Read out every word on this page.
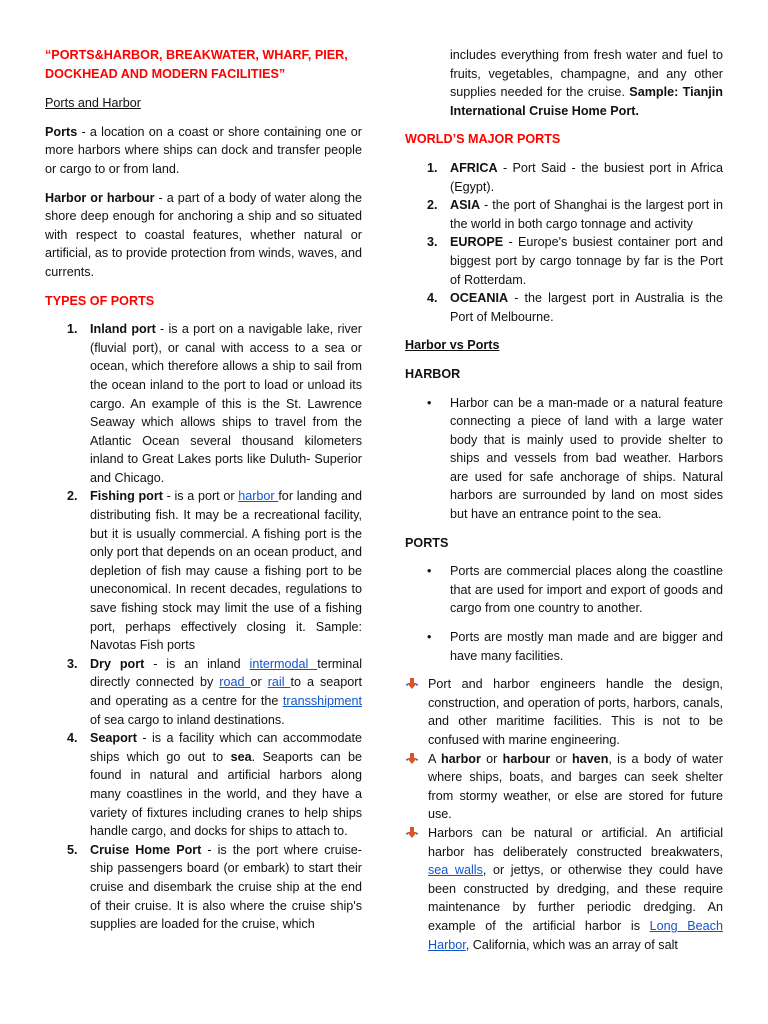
“PORTS&HARBOR, BREAKWATER, WHARF, PIER, DOCKHEAD AND MODERN FACILITIES”
Ports and Harbor

Ports - a location on a coast or shore containing one or more harbors where ships can dock and transfer people or cargo to or from land.

Harbor or harbour - a part of a body of water along the shore deep enough for anchoring a ship and so situated with respect to coastal features, whether natural or artificial, as to provide protection from winds, waves, and currents.

TYPES OF PORTS
1. Inland port - is a port on a navigable lake, river (fluvial port), or canal with access to a sea or ocean, which therefore allows a ship to sail from the ocean inland to the port to load or unload its cargo. An example of this is the St. Lawrence Seaway which allows ships to travel from the Atlantic Ocean several thousand kilometers inland to Great Lakes ports like Duluth- Superior and Chicago.
2. Fishing port - is a port or harbor for landing and distributing fish. It may be a recreational facility, but it is usually commercial. A fishing port is the only port that depends on an ocean product, and depletion of fish may cause a fishing port to be uneconomical. In recent decades, regulations to save fishing stock may limit the use of a fishing port, perhaps effectively closing it. Sample: Navotas Fish ports
3. Dry port - is an inland intermodal terminal directly connected by road or rail to a seaport and operating as a centre for the transshipment of sea cargo to inland destinations.
4. Seaport - is a facility which can accommodate ships which go out to sea. Seaports can be found in natural and artificial harbors along many coastlines in the world, and they have a variety of fixtures including cranes to help ships handle cargo, and docks for ships to attach to.
5. Cruise Home Port - is the port where cruise-ship passengers board (or embark) to start their cruise and disembark the cruise ship at the end of their cruise. It is also where the cruise ship's supplies are loaded for the cruise, which

includes everything from fresh water and fuel to fruits, vegetables, champagne, and any other supplies needed for the cruise. Sample: Tianjin International Cruise Home Port.

WORLD’S MAJOR PORTS
1. AFRICA - Port Said - the busiest port in Africa (Egypt).
2. ASIA - the port of Shanghai is the largest port in the world in both cargo tonnage and activity
3. EUROPE - Europe's busiest container port and biggest port by cargo tonnage by far is the Port of Rotterdam.
4. OCEANIA - the largest port in Australia is the Port of Melbourne.
Harbor vs Ports
HARBOR
• Harbor can be a man-made or a natural feature connecting a piece of land with a large water body that is mainly used to provide shelter to ships and vessels from bad weather. Harbors are used for safe anchorage of ships. Natural harbors are surrounded by land on most sides but have an entrance point to the sea.
PORTS
• Ports are commercial places along the coastline that are used for import and export of goods and cargo from one country to another.
• Ports are mostly man made and are bigger and have many facilities.
Port and harbor engineers handle the design, construction, and operation of ports, harbors, canals, and other maritime facilities. This is not to be confused with marine engineering.
A harbor or harbour or haven, is a body of water where ships, boats, and barges can seek shelter from stormy weather, or else are stored for future use.
Harbors can be natural or artificial. An artificial harbor has deliberately constructed breakwaters, sea walls, or jettys, or otherwise they could have been constructed by dredging, and these require maintenance by further periodic dredging. An example of the artificial harbor is Long Beach Harbor, California, which was an array of salt
